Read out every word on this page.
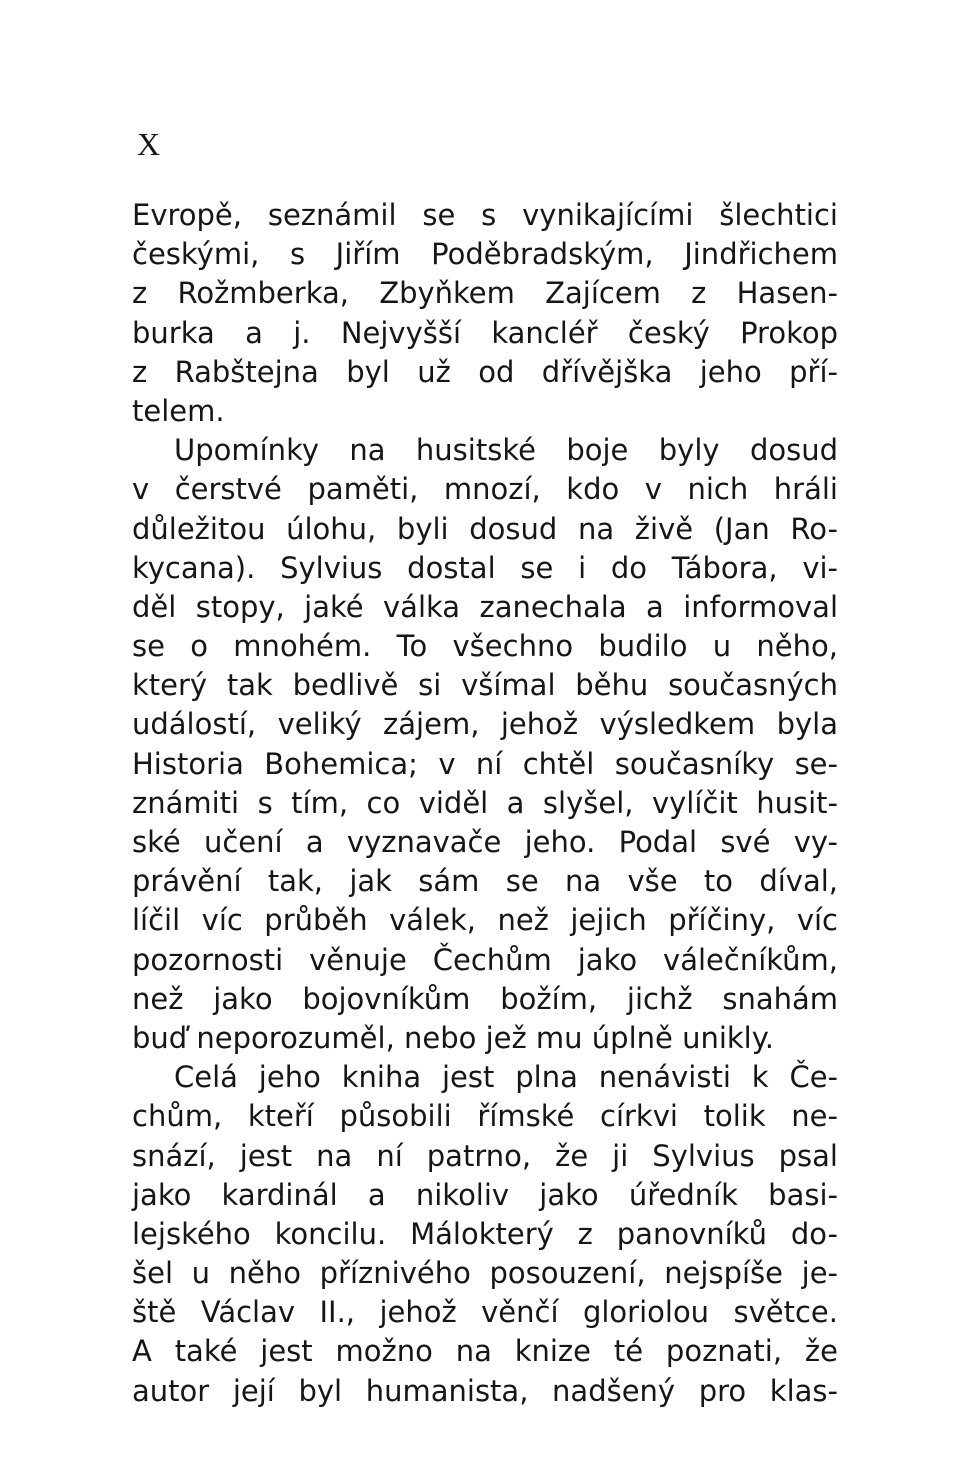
X
Evropě, seznámil se s vynikajícími šlechtici
českými, s Jiřím Poděbradským, Jindřichem
z Rožmberka, Zbyňkem Zajícem z Hasen-
burka a j. Nejvyšší kancléř český Prokop
z Rabštejna byl už od dřívějška jeho pří-
telem.
Upomínky na husitské boje byly dosud
v čerstvé paměti, mnozí, kdo v nich hráli
důležitou úlohu, byli dosud na živě (Jan Ro-
kycana). Sylvius dostal se i do Tábora, vi-
děl stopy, jaké válka zanechala a informoval
se o mnohém. To všechno budilo u něho,
který tak bedlivě si všímal běhu současných
událostí, veliký zájem, jehož výsledkem byla
Historia Bohemica; v ní chtěl současníky se-
známiti s tím, co viděl a slyšel, vylíčit husit-
ské učení a vyznavače jeho. Podal své vy-
právění tak, jak sám se na vše to díval,
líčil víc průběh válek, než jejich příčiny, víc
pozornosti věnuje Čechům jako válečníkům,
než jako bojovníkům božím, jichž snahám
buď neporozuměl, nebo jež mu úplně unikly.
Celá jeho kniha jest plna nenávisti k Če-
chům, kteří působili římské církvi tolik ne-
snází, jest na ní patrno, že ji Sylvius psal
jako kardinál a nikoliv jako úředník basi-
lejského koncilu. Málokterý z panovníků do-
šel u něho příznivého posouzení, nejspíše je-
ště Václav II., jehož věnčí gloriolou světce.
A také jest možno na knize té poznati, že
autor její byl humanista, nadšený pro klas-
